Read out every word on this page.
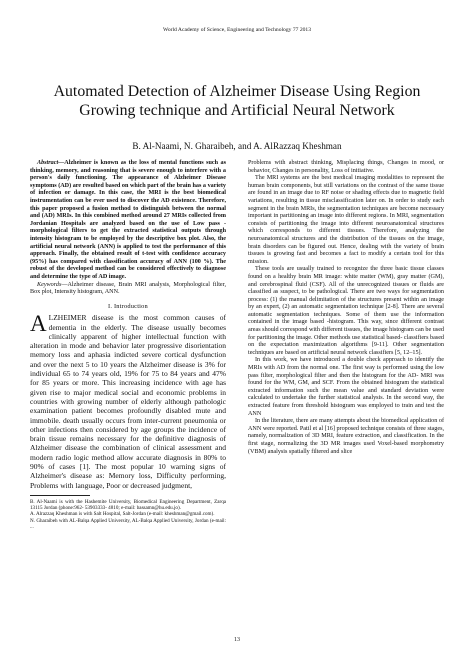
World Academy of Science, Engineering and Technology 77 2013
Automated Detection of Alzheimer Disease Using Region Growing technique and Artificial Neural Network
B. Al-Naami, N. Gharaibeh, and A. AlRazzaq Kheshman

Abstract—Alzheimer is known as the loss of mental functions such as thinking, memory, and reasoning that is severe enough to interfere with a person's daily functioning. The appearance of Alzheimer Disease symptoms (AD) are resulted based on which part of the brain has a variety of infection or damage. In this case, the MRI is the best biomedical instrumentation can be ever used to discover the AD existence. Therefore, this paper proposed a fusion method to distinguish between the normal and (AD) MRIs. In this combined method around 27 MRIs collected from Jordanian Hospitals are analyzed based on the use of Low pass -morphological filters to get the extracted statistical outputs through intensity histogram to be employed by the descriptive box plot. Also, the artificial neural network (ANN) is applied to test the performance of this approach. Finally, the obtained result of t-test with confidence accuracy (95%) has compared with classification accuracy of ANN (100 %). The robust of the developed method can be considered effectively to diagnose and determine the type of AD image.

Keywords—Alzheimer disease, Brain MRI analysis, Morphological filter, Box plot, Intensity histogram, ANN.

I. Introduction

ALZHEIMER disease is the most common causes of dementia in the elderly. The disease usually becomes clinically apparent of higher intellectual function with alteration in mode and behavior later progressive disorientation memory loss and aphasia indicted severe cortical dysfunction and over the next 5 to 10 years the Alzheimer disease is 3% for individual 65 to 74 years old, 19% for 75 to 84 years and 47% for 85 years or more. This increasing incidence with age has given rise to major medical social and economic problems in countries with growing number of elderly although pathologic examination patient becomes profoundly disabled mute and immobile. death usually occurs from inter-current pneumonia or other infections then considered by age groups the incidence of brain tissue remains necessary for the definitive diagnosis of Alzheimer disease the combination of clinical assessment and modern radio logic method allow accurate diagnosis in 80% to 90% of cases [1]. The most popular 10 warning signs of Alzheimer's disease as: Memory loss, Difficulty performing, Problems with language, Poor or decreased judgment,

B. Al-Naami is with the Hashemite University, Biomedical Engineering Department, Zarqa 13115 Jordan (phone:962- 53903333- 4810; e-mail: bassamn@hu.edu.jo).

A. Alrazzaq Kheshman is with Salt Hospital, Salt-Jordan (e-mail: kheshman@gmail.com).

N. Gharaibeh with AL-Balqa Applied University, AL-Balqa Applied University, Jordan (e-mail: ...

Problems with abstract thinking, Misplacing things, Changes in mood, or behavior, Changes in personality, Loss of initiative.

The MRI systems are the best medical imaging modalities to represent the human brain components, but still variations on the contrast of the same tissue are found in an image due to RF noise or shading effects due to magnetic field variations, resulting in tissue misclassification later on. In order to study each segment in the brain MRIs, the segmentation techniques are become necessary important in partitioning an image into different regions. In MRI, segmentation consists of partitioning the image into different neuroanatomical structures which corresponds to different tissues. Therefore, analyzing the neuroanatomical structures and the distribution of the tissues on the image, brain disorders can be figured out. Hence, dealing with the variety of brain tissues is growing fast and becomes a fact to modify a certain tool for this mission.

These tools are usually trained to recognize the three basic tissue classes found on a healthy brain MR image: white matter (WM), gray matter (GM), and cerebrospinal fluid (CSF). All of the unrecognized tissues or fluids are classified as suspect, to be pathological. There are two ways for segmentation process: (1) the manual delimitation of the structures present within an image by an expert, (2) an automatic segmentation technique [2-8]. There are several automatic segmentation techniques. Some of them use the information contained in the image based -histogram. This way, since different contrast areas should correspond with different tissues, the image histogram can be used for partitioning the image. Other methods use statistical based- classifiers based on the expectation maximization algorithms [9-11]. Other segmentation techniques are based on artificial neural network classifiers [5, 12–15].

In this work, we have introduced a double check approach to identify the MRIs with AD from the normal one. The first way is performed using the low pass filter, morphological filter and then the histogram for the AD- MRI was found for the WM, GM, and SCF. From the obtained histogram the statistical extracted information such the mean value and standard deviation were calculated to undertake the further statistical analysis. In the second way, the extracted feature from threshold histogram was employed to train and test the ANN

In the literature, there are many attempts about the biomedical application of ANN were reported. Patil et al [16] proposed technique consists of three stages, namely, normalization of 3D MRI, feature extraction, and classification. In the first stage, normalizing the 3D MR images used Voxel-based morphometry (VBM) analysis spatially filtered and slice

13
